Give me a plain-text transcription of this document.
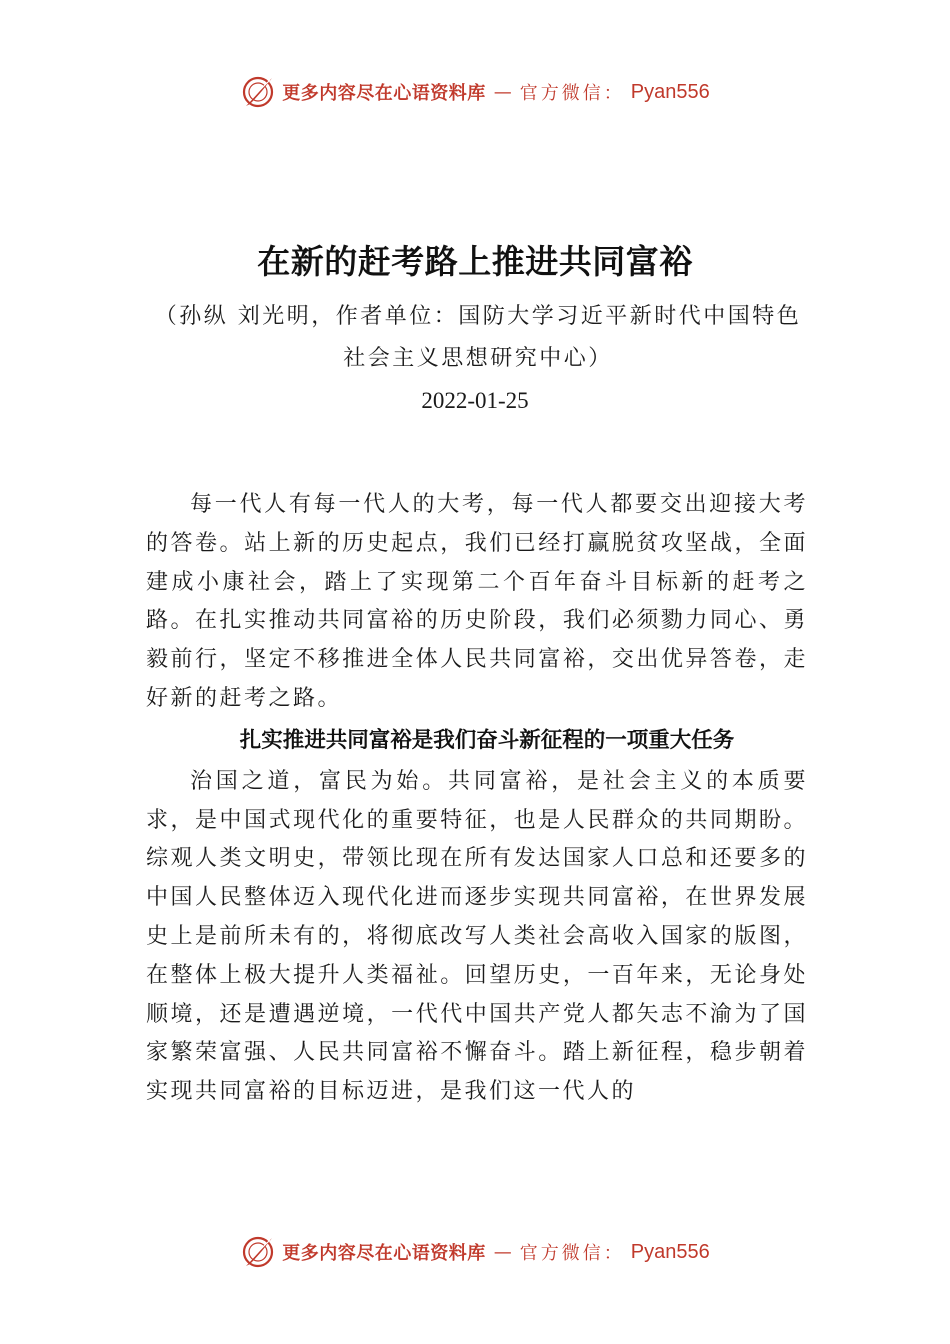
更多内容尽在心语资料库 — 官方微信： Pyan556
在新的赶考路上推进共同富裕
（孙纵 刘光明，作者单位：国防大学习近平新时代中国特色社会主义思想研究中心）
2022-01-25

每一代人有每一代人的大考，每一代人都要交出迎接大考的答卷。站上新的历史起点，我们已经打赢脱贫攻坚战，全面建成小康社会，踏上了实现第二个百年奋斗目标新的赶考之路。在扎实推动共同富裕的历史阶段，我们必须勠力同心、勇毅前行，坚定不移推进全体人民共同富裕，交出优异答卷，走好新的赶考之路。

扎实推进共同富裕是我们奋斗新征程的一项重大任务

治国之道，富民为始。共同富裕，是社会主义的本质要求，是中国式现代化的重要特征，也是人民群众的共同期盼。综观人类文明史，带领比现在所有发达国家人口总和还要多的中国人民整体迈入现代化进而逐步实现共同富裕，在世界发展史上是前所未有的，将彻底改写人类社会高收入国家的版图，在整体上极大提升人类福祉。回望历史，一百年来，无论身处顺境，还是遭遇逆境，一代代中国共产党人都矢志不渝为了国家繁荣富强、人民共同富裕不懈奋斗。踏上新征程，稳步朝着实现共同富裕的目标迈进，是我们这一代人的

更多内容尽在心语资料库 — 官方微信： Pyan556
